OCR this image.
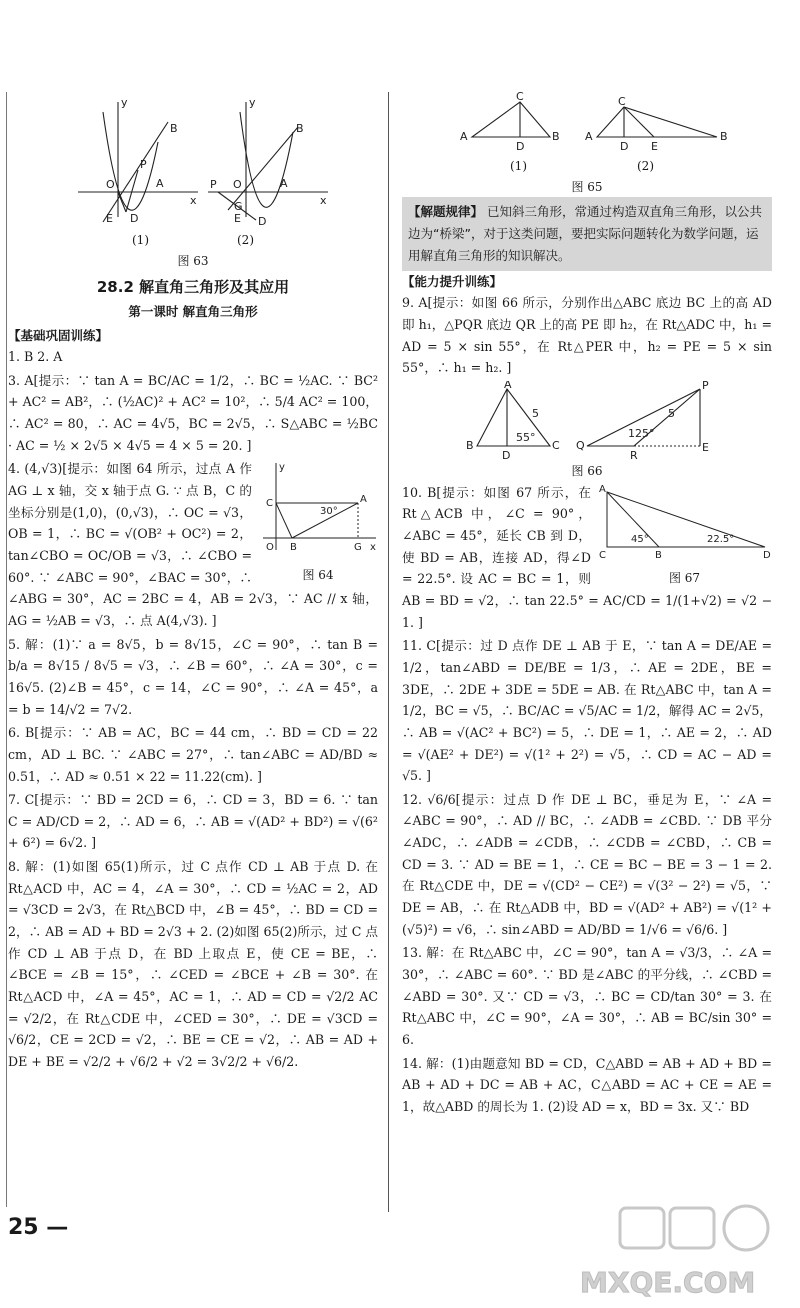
y
x
O
P
B
A
E D
y
x
O
P
B
A
G
E D
(1)	(2)
图 63
28.2 解直角三角形及其应用
第一课时 解直角三角形
【基础巩固训练】
1. B 2. A
3. A[提示：∵ tan A = BC/AC = 1/2，∴ BC = ½AC. ∵ BC² + AC² = AB²，∴ (½AC)² + AC² = 10²，∴ 5/4 AC² = 100，∴ AC² = 80，∴ AC = 4√5，BC = 2√5，∴ S△ABC = ½BC · AC = ½ × 2√5 × 4√5 = 4 × 5 = 20. ]
y
C	A
30°
O B	G x
图 64
4. (4,√3)[提示：如图 64 所示，过点 A 作 AG ⊥ x 轴，交 x 轴于点 G. ∵ 点 B，C 的坐标分别是(1,0)，(0,√3)，∴ OC = √3，OB = 1，∴ BC = √(OB² + OC²) = 2，tan∠CBO = OC/OB = √3，∴ ∠CBO = 60°. ∵ ∠ABC = 90°，∠BAC = 30°，∴ ∠ABG = 30°，AC = 2BC = 4，AB = 2√3，∵ AC // x 轴，AG = ½AB = √3，∴ 点 A(4,√3). ]
5. 解：(1)∵ a = 8√5，b = 8√15，∠C = 90°，∴ tan B = b/a = 8√15 / 8√5 = √3，∴ ∠B = 60°，∴ ∠A = 30°，c = 16√5. (2)∠B = 45°，c = 14，∠C = 90°，∴ ∠A = 45°，a = b = 14/√2 = 7√2.
6. B[提示：∵ AB = AC，BC = 44 cm，∴ BD = CD = 22 cm，AD ⊥ BC. ∵ ∠ABC = 27°，∴ tan∠ABC = AD/BD ≈ 0.51，∴ AD ≈ 0.51 × 22 = 11.22(cm). ]
7. C[提示：∵ BD = 2CD = 6，∴ CD = 3，BD = 6. ∵ tan C = AD/CD = 2，∴ AD = 6，∴ AB = √(AD² + BD²) = √(6² + 6²) = 6√2. ]
8. 解：(1)如图 65(1)所示，过 C 点作 CD ⊥ AB 于点 D. 在 Rt△ACD 中，AC = 4，∠A = 30°，∴ CD = ½AC = 2，AD = √3CD = 2√3，在 Rt△BCD 中，∠B = 45°，∴ BD = CD = 2，∴ AB = AD + BD = 2√3 + 2. (2)如图 65(2)所示，过 C 点作 CD ⊥ AB 于点 D，在 BD 上取点 E，使 CE = BE，∴ ∠BCE = ∠B = 15°，∴ ∠CED = ∠BCE + ∠B = 30°. 在 Rt△ACD 中，∠A = 45°，AC = 1，∴ AD = CD = √2/2 AC = √2/2，在 Rt△CDE 中，∠CED = 30°，∴ DE = √3CD = √6/2，CE = 2CD = √2，∴ BE = CE = √2，∴ AB = AD + DE + BE = √2/2 + √6/2 + √2 = 3√2/2 + √6/2.
A
C
B
D
A
C
B
D E
(1)	(2)
图 65
【解题规律】 已知斜三角形，常通过构造双直角三角形，以公共边为“桥梁”，对于这类问题，要把实际问题转化为数学问题，运用解直角三角形的知识解决。
【能力提升训练】
9. A[提示：如图 66 所示，分别作出△ABC 底边 BC 上的高 AD 即 h₁，△PQR 底边 QR 上的高 PE 即 h₂，在 Rt△ADC 中，h₁ = AD = 5 × sin 55°，在 Rt△PER 中，h₂ = PE = 5 × sin 55°，∴ h₁ = h₂. ]
A
5
55°
B
D
C
P
5
125°
Q
R
E
图 66
A
C	B	D
45°	22.5°
图 67
10. B[提示：如图 67 所示，在 Rt△ACB 中，∠C = 90°，∠ABC = 45°，延长 CB 到 D，使 BD = AB，连接 AD，得∠D = 22.5°. 设 AC = BC = 1，则 AB = BD = √2，∴ tan 22.5° = AC/CD = 1/(1+√2) = √2 − 1. ]
11. C[提示：过 D 点作 DE ⊥ AB 于 E，∵ tan A = DE/AE = 1/2，tan∠ABD = DE/BE = 1/3，∴ AE = 2DE，BE = 3DE，∴ 2DE + 3DE = 5DE = AB. 在 Rt△ABC 中，tan A = 1/2，BC = √5，∴ BC/AC = √5/AC = 1/2，解得 AC = 2√5，∴ AB = √(AC² + BC²) = 5，∴ DE = 1，∴ AE = 2，∴ AD = √(AE² + DE²) = √(1² + 2²) = √5，∴ CD = AC − AD = √5. ]
12. √6/6[提示：过点 D 作 DE ⊥ BC，垂足为 E，∵ ∠A = ∠ABC = 90°，∴ AD // BC，∴ ∠ADB = ∠CBD. ∵ DB 平分∠ADC，∴ ∠ADB = ∠CDB，∴ ∠CDB = ∠CBD，∴ CB = CD = 3. ∵ AD = BE = 1，∴ CE = BC − BE = 3 − 1 = 2. 在 Rt△CDE 中，DE = √(CD² − CE²) = √(3² − 2²) = √5，∵ DE = AB，∴ 在 Rt△ADB 中，BD = √(AD² + AB²) = √(1² + (√5)²) = √6，∴ sin∠ABD = AD/BD = 1/√6 = √6/6. ]
13. 解：在 Rt△ABC 中，∠C = 90°，tan A = √3/3，∴ ∠A = 30°，∴ ∠ABC = 60°. ∵ BD 是∠ABC 的平分线，∴ ∠CBD = ∠ABD = 30°. 又∵ CD = √3，∴ BC = CD/tan 30° = 3. 在 Rt△ABC 中，∠C = 90°，∠A = 30°，∴ AB = BC/sin 30° = 6.
14. 解：(1)由题意知 BD = CD，C△ABD = AB + AD + BD = AB + AD + DC = AB + AC，C△ABD = AC + CE = AE = 1，故△ABD 的周长为 1. (2)设 AD = x，BD = 3x. 又∵ BD
25 —
MXQE.COM
